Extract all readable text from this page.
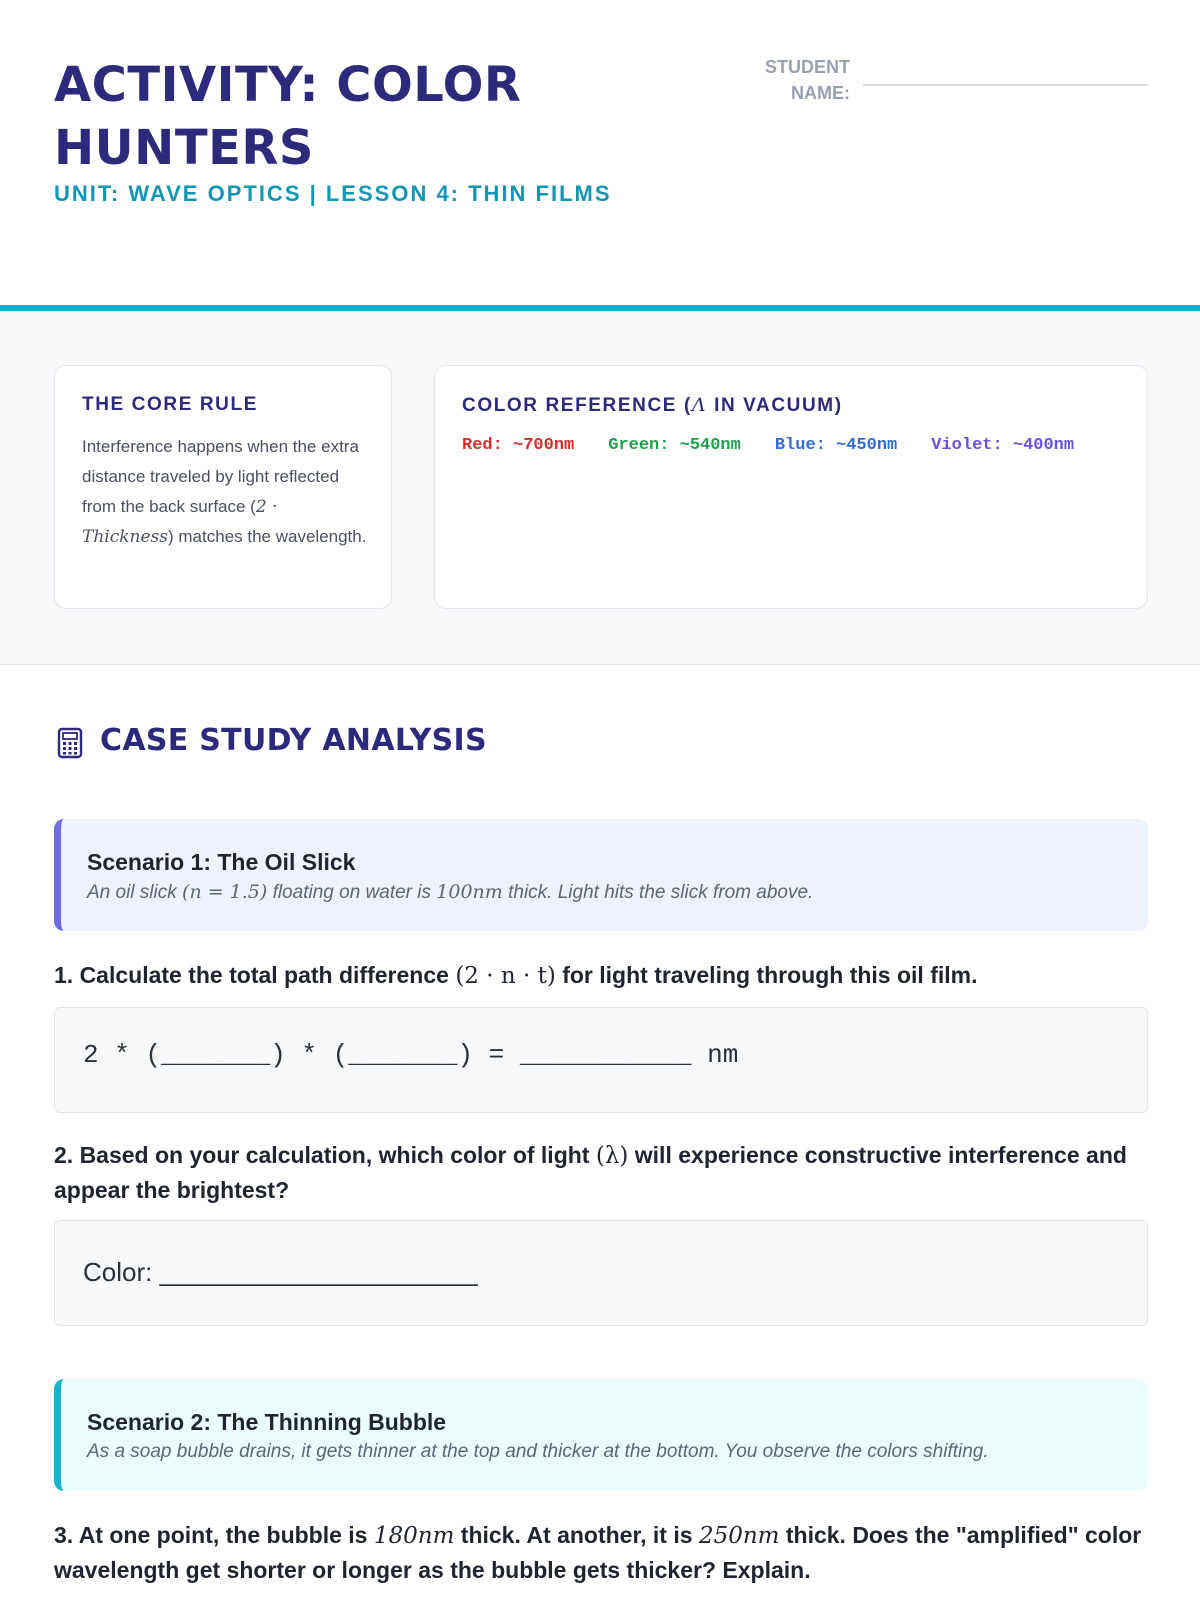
ACTIVITY: COLOR HUNTERS
UNIT: WAVE OPTICS | LESSON 4: THIN FILMS
STUDENT NAME:
THE CORE RULE
Interference happens when the extra distance traveled by light reflected from the back surface (2 · Thickness) matches the wavelength.
COLOR REFERENCE (Λ IN VACUUM)
Red: ~700nm Green: ~540nm Blue: ~450nm Violet: ~400nm
CASE STUDY ANALYSIS
Scenario 1: The Oil Slick
An oil slick (n = 1.5) floating on water is 100nm thick. Light hits the slick from above.
1. Calculate the total path difference (2 · n · t) for light traveling through this oil film.
2 * (_______) * (_______) = ___________ nm
2. Based on your calculation, which color of light (λ) will experience constructive interference and appear the brightest?
Color: ______________________
Scenario 2: The Thinning Bubble
As a soap bubble drains, it gets thinner at the top and thicker at the bottom. You observe the colors shifting.
3. At one point, the bubble is 180nm thick. At another, it is 250nm thick. Does the "amplified" color wavelength get shorter or longer as the bubble gets thicker? Explain.
